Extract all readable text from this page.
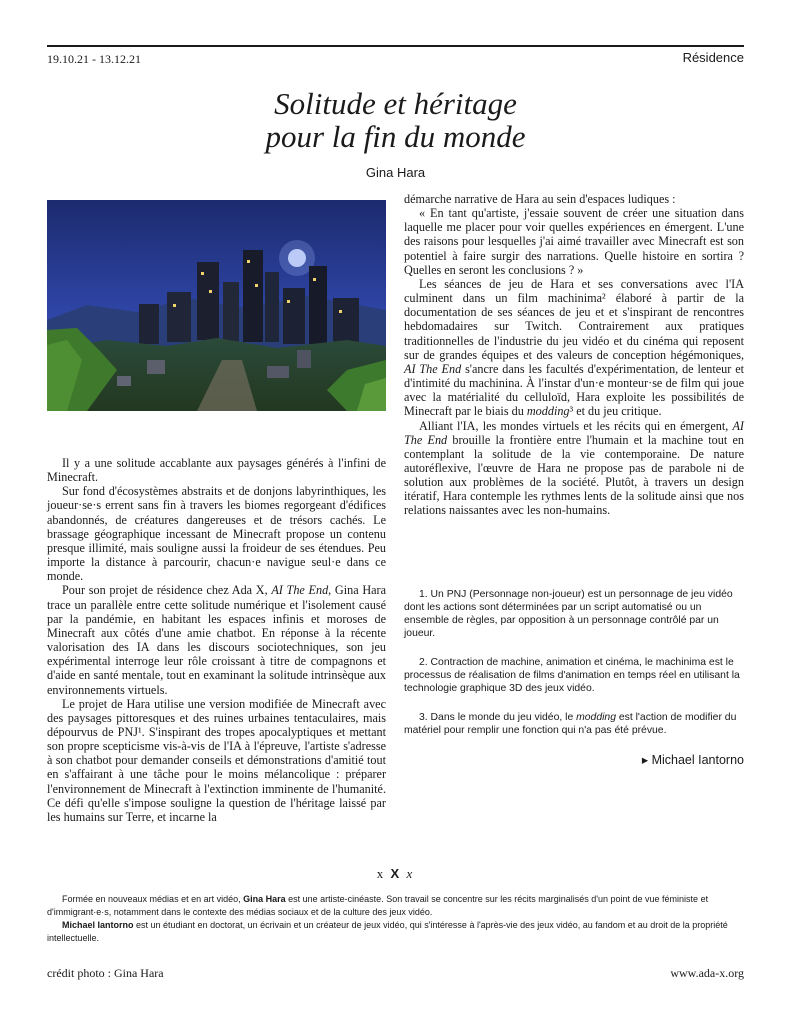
19.10.21 - 13.12.21	Résidence
Solitude et héritage
pour la fin du monde
Gina Hara

Il y a une solitude accablante aux paysages générés à l'infini de Minecraft.

Sur fond d'écosystèmes abstraits et de donjons labyrinthiques, les joueur·se·s errent sans fin à travers les biomes regorgeant d'édifices abandonnés, de créatures dangereuses et de trésors cachés. Le brassage géographique incessant de Minecraft propose un contenu presque illimité, mais souligne aussi la froideur de ses étendues. Peu importe la distance à parcourir, chacun·e navigue seul·e dans ce monde.

Pour son projet de résidence chez Ada X, AI The End, Gina Hara trace un parallèle entre cette solitude numérique et l'isolement causé par la pandémie, en habitant les espaces infinis et moroses de Minecraft aux côtés d'une amie chatbot. En réponse à la récente valorisation des IA dans les discours sociotechniques, son jeu expérimental interroge leur rôle croissant à titre de compagnons et d'aide en santé mentale, tout en examinant la solitude intrinsèque aux environnements virtuels.

Le projet de Hara utilise une version modifiée de Minecraft avec des paysages pittoresques et des ruines urbaines tentaculaires, mais dépourvus de PNJ¹. S'inspirant des tropes apocalyptiques et mettant son propre scepticisme vis-à-vis de l'IA à l'épreuve, l'artiste s'adresse à son chatbot pour demander conseils et démonstrations d'amitié tout en s'affairant à une tâche pour le moins mélancolique : préparer l'environnement de Minecraft à l'extinction imminente de l'humanité. Ce défi qu'elle s'impose souligne la question de l'héritage laissé par les humains sur Terre, et incarne la

démarche narrative de Hara au sein d'espaces ludiques :

« En tant qu'artiste, j'essaie souvent de créer une situation dans laquelle me placer pour voir quelles expériences en émergent. L'une des raisons pour lesquelles j'ai aimé travailler avec Minecraft est son potentiel à faire surgir des narrations. Quelle histoire en sortira ? Quelles en seront les conclusions ? »

Les séances de jeu de Hara et ses conversations avec l'IA culminent dans un film machinima² élaboré à partir de la documentation de ses séances de jeu et et s'inspirant de rencontres hebdomadaires sur Twitch. Contrairement aux pratiques traditionnelles de l'industrie du jeu vidéo et du cinéma qui reposent sur de grandes équipes et des valeurs de conception hégémoniques, AI The End s'ancre dans les facultés d'expérimentation, de lenteur et d'intimité du machinina. À l'instar d'un·e monteur·se de film qui joue avec la matérialité du celluloïd, Hara exploite les possibilités de Minecraft par le biais du modding³ et du jeu critique.

Alliant l'IA, les mondes virtuels et les récits qui en émergent, AI The End brouille la frontière entre l'humain et la machine tout en contemplant la solitude de la vie contemporaine. De nature autoréflexive, l'œuvre de Hara ne propose pas de parabole ni de solution aux problèmes de la société. Plutôt, à travers un design itératif, Hara contemple les rythmes lents de la solitude ainsi que nos relations naissantes avec les non-humains.

1. Un PNJ (Personnage non-joueur) est un personnage de jeu vidéo dont les actions sont déterminées par un script automatisé ou un ensemble de règles, par opposition à un personnage contrôlé par un joueur.

2. Contraction de machine, animation et cinéma, le machinima est le processus de réalisation de films d'animation en temps réel en utilisant la technologie graphique 3D des jeux vidéo.

3. Dans le monde du jeu vidéo, le modding est l'action de modifier du matériel pour remplir une fonction qui n'a pas été prévue.

▸ Michael Iantorno
x X x

Formée en nouveaux médias et en art vidéo, Gina Hara est une artiste-cinéaste. Son travail se concentre sur les récits marginalisés d'un point de vue féministe et d'immigrant·e·s, notamment dans le contexte des médias sociaux et de la culture des jeux vidéo.

Michael Iantorno est un étudiant en doctorat, un écrivain et un créateur de jeux vidéo, qui s'intéresse à l'après-vie des jeux vidéo, au fandom et au droit de la propriété intellectuelle.

crédit photo : Gina Hara	www.ada-x.org
